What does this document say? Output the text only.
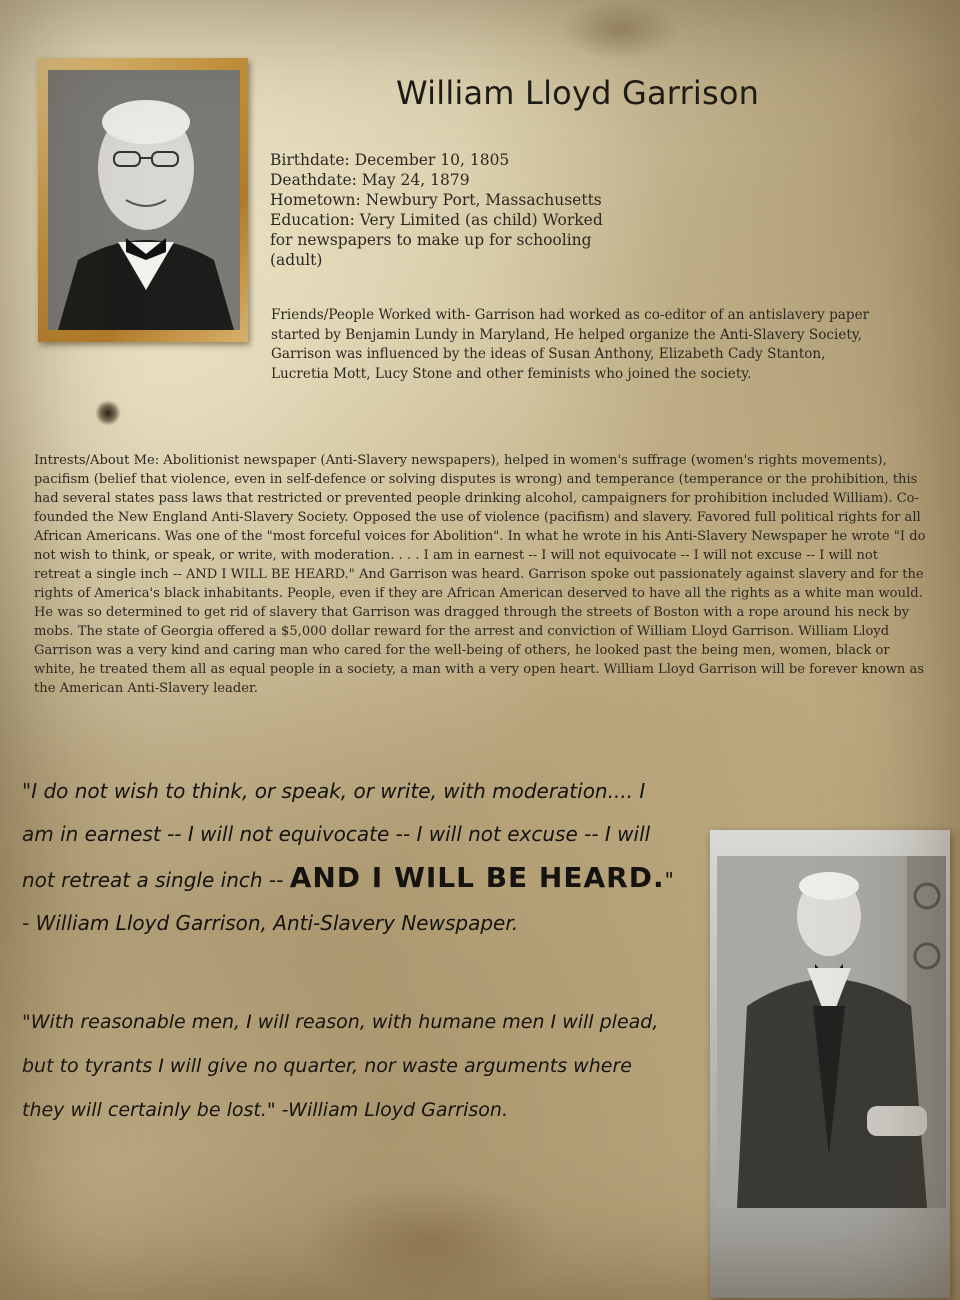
William Lloyd Garrison
Birthdate: December 10, 1805
Deathdate: May 24, 1879
Hometown: Newbury Port, Massachusetts
Education: Very Limited (as child) Worked for newspapers to make up for schooling (adult)
Friends/People Worked with- Garrison had worked as co-editor of an antislavery paper started by Benjamin Lundy in Maryland, He helped organize the Anti-Slavery Society, Garrison was influenced by the ideas of Susan Anthony, Elizabeth Cady Stanton, Lucretia Mott, Lucy Stone and other feminists who joined the society.
Intrests/About Me: Abolitionist newspaper (Anti-Slavery newspapers), helped in women's suffrage (women's rights movements), pacifism (belief that violence, even in self-defence or solving disputes is wrong) and temperance (temperance or the prohibition, this had several states pass laws that restricted or prevented people drinking alcohol, campaigners for prohibition included William). Co-founded the New England Anti-Slavery Society. Opposed the use of violence (pacifism) and slavery. Favored full political rights for all African Americans. Was one of the "most forceful voices for Abolition". In what he wrote in his Anti-Slavery Newspaper he wrote "I do not wish to think, or speak, or write, with moderation. . . . I am in earnest -- I will not equivocate -- I will not excuse -- I will not retreat a single inch -- AND I WILL BE HEARD." And Garrison was heard. Garrison spoke out passionately against slavery and for the rights of America's black inhabitants. People, even if they are African American deserved to have all the rights as a white man would. He was so determined to get rid of slavery that Garrison was dragged through the streets of Boston with a rope around his neck by mobs. The state of Georgia offered a $5,000 dollar reward for the arrest and conviction of William Lloyd Garrison. William Lloyd Garrison was a very kind and caring man who cared for the well-being of others, he looked past the being men, women, black or white, he treated them all as equal people in a society, a man with a very open heart. William Lloyd Garrison will be forever known as the American Anti-Slavery leader.
"I do not wish to think, or speak, or write, with moderation.... I am in earnest -- I will not equivocate -- I will not excuse -- I will not retreat a single inch -- AND I WILL BE HEARD." - William Lloyd Garrison, Anti-Slavery Newspaper.
"With reasonable men, I will reason, with humane men I will plead, but to tyrants I will give no quarter, nor waste arguments where they will certainly be lost." -William Lloyd Garrison.
